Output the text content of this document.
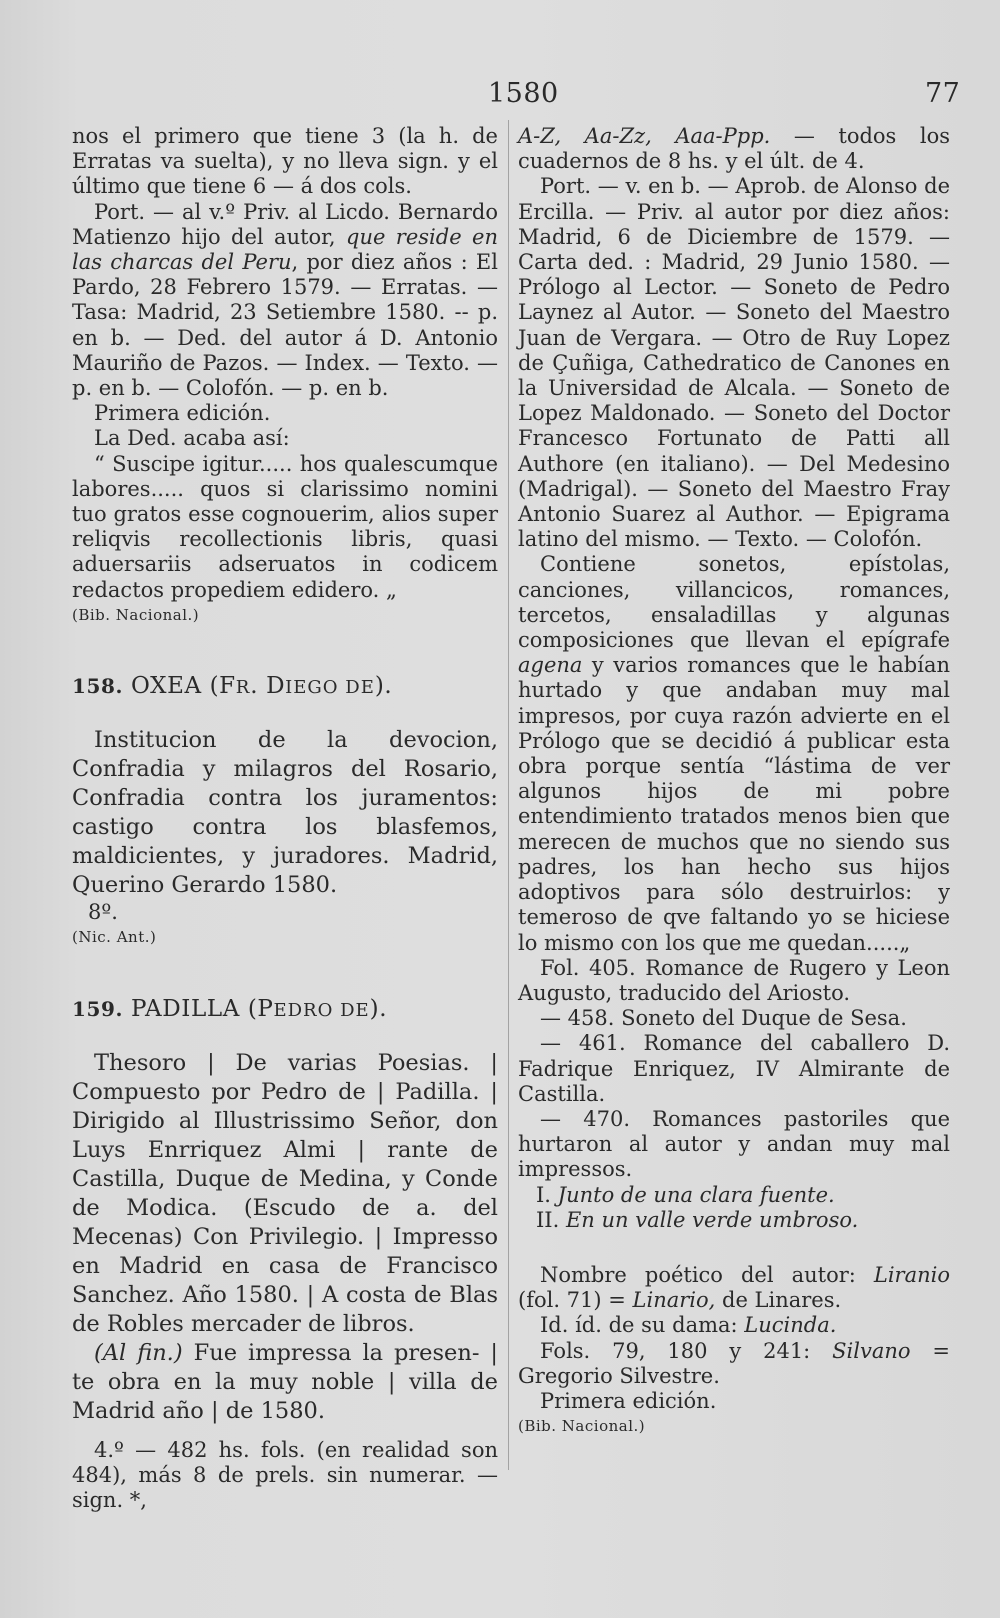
1580	77

nos el primero que tiene 3 (la h. de Erratas va suelta), y no lleva sign. y el último que tiene 6 — á dos cols.

Port. — al v.º Priv. al Licdo. Bernardo Matienzo hijo del autor, que reside en las charcas del Peru, por diez años : El Pardo, 28 Febrero 1579. — Erratas. — Tasa: Madrid, 23 Setiembre 1580. -- p. en b. — Ded. del autor á D. Antonio Mauriño de Pazos. — Index. — Texto. — p. en b. — Colofón. — p. en b.

Primera edición.

La Ded. acaba así:

“ Suscipe igitur..... hos qualescumque labores..... quos si clarissimo nomini tuo gratos esse cognouerim, alios super reliqvis recollectionis libris, quasi aduersariis adseruatos in codicem redactos propediem edidero. „

(Bib. Nacional.)

158. OXEA (FR. DIEGO DE).

Institucion de la devocion, Confradia y milagros del Rosario, Confradia contra los juramentos: castigo contra los blasfemos, maldicientes, y juradores. Madrid, Querino Gerardo 1580.

8º.

(Nic. Ant.)

159. PADILLA (PEDRO DE).

Thesoro | De varias Poesias. | Compuesto por Pedro de | Padilla. | Dirigido al Illustrissimo Señor, don Luys Enrriquez Almi | rante de Castilla, Duque de Medina, y Conde de Modica. (Escudo de a. del Mecenas) Con Privilegio. | Impresso en Madrid en casa de Francisco Sanchez. Año 1580. | A costa de Blas de Robles mercader de libros.

(Al fin.) Fue impressa la presen- | te obra en la muy noble | villa de Madrid año | de 1580.

4.º — 482 hs. fols. (en realidad son 484), más 8 de prels. sin numerar. — sign. *,

A-Z, Aa-Zz, Aaa-Ppp. — todos los cuadernos de 8 hs. y el últ. de 4.

Port. — v. en b. — Aprob. de Alonso de Ercilla. — Priv. al autor por diez años: Madrid, 6 de Diciembre de 1579. — Carta ded. : Madrid, 29 Junio 1580. — Prólogo al Lector. — Soneto de Pedro Laynez al Autor. — Soneto del Maestro Juan de Vergara. — Otro de Ruy Lopez de Çuñiga, Cathedratico de Canones en la Universidad de Alcala. — Soneto de Lopez Maldonado. — Soneto del Doctor Francesco Fortunato de Patti all Authore (en italiano). — Del Medesino (Madrigal). — Soneto del Maestro Fray Antonio Suarez al Author. — Epigrama latino del mismo. — Texto. — Colofón.

Contiene sonetos, epístolas, canciones, villancicos, romances, tercetos, ensaladillas y algunas composiciones que llevan el epígrafe agena y varios romances que le habían hurtado y que andaban muy mal impresos, por cuya razón advierte en el Prólogo que se decidió á publicar esta obra porque sentía “lástima de ver algunos hijos de mi pobre entendimiento tratados menos bien que merecen de muchos que no siendo sus padres, los han hecho sus hijos adoptivos para sólo destruirlos: y temeroso de qve faltando yo se hiciese lo mismo con los que me quedan.....„

Fol. 405. Romance de Rugero y Leon Augusto, traducido del Ariosto.

— 458. Soneto del Duque de Sesa.

— 461. Romance del caballero D. Fadrique Enriquez, IV Almirante de Castilla.

— 470. Romances pastoriles que hurtaron al autor y andan muy mal impressos.

I. Junto de una clara fuente.

II. En un valle verde umbroso.

Nombre poético del autor: Liranio (fol. 71) = Linario, de Linares.

Id. íd. de su dama: Lucinda.

Fols. 79, 180 y 241: Silvano = Gregorio Silvestre.

Primera edición.

(Bib. Nacional.)
